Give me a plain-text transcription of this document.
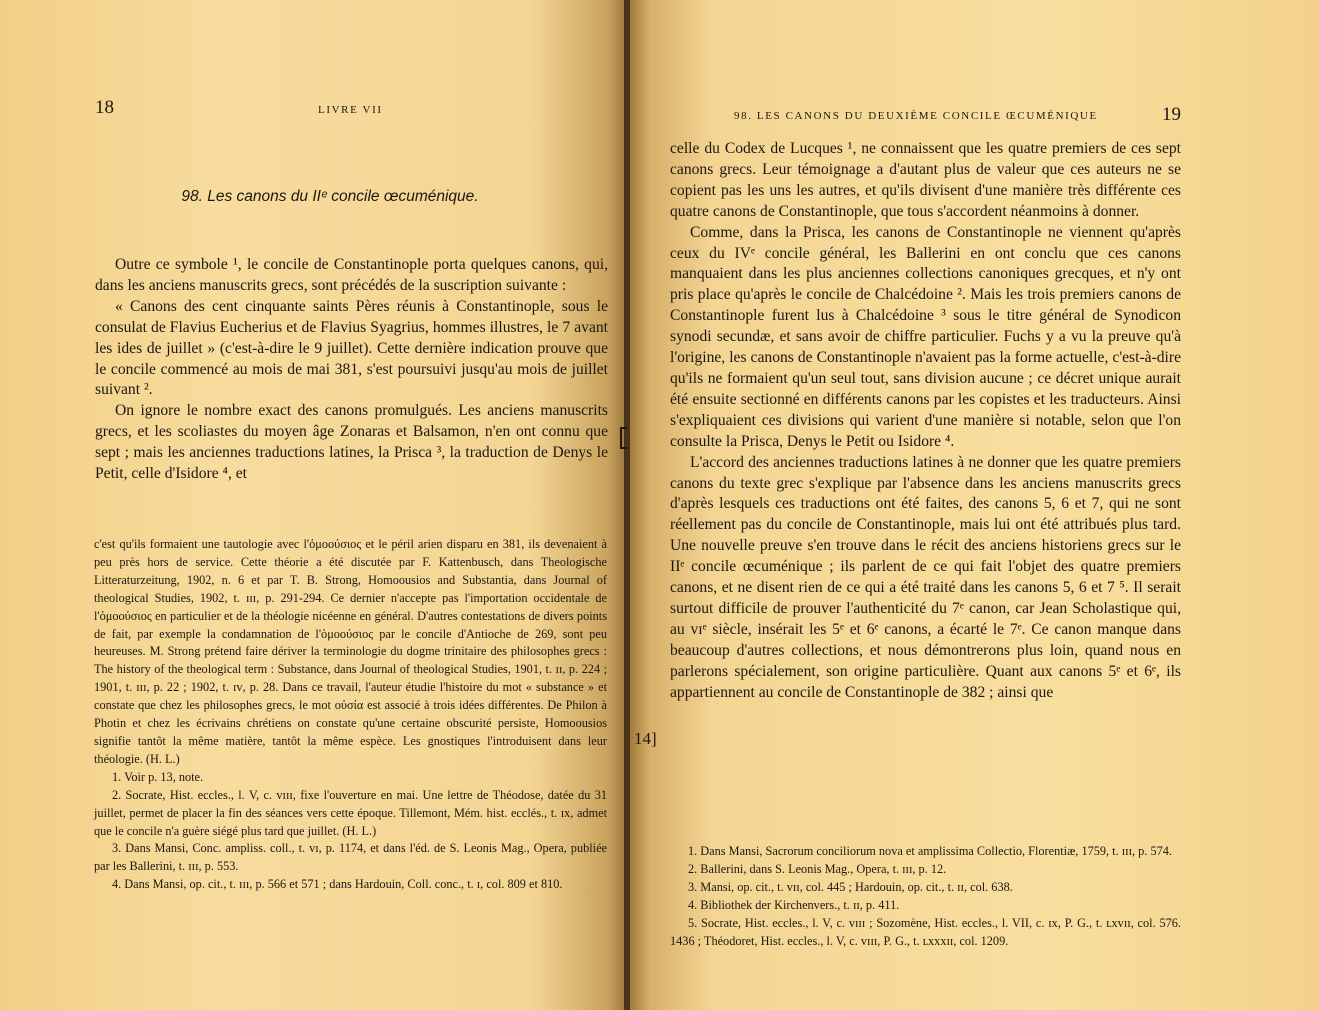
18	LIVRE VII
98. Les canons du IIᵉ concile œcuménique.

Outre ce symbole ¹, le concile de Constantinople porta quelques canons, qui, dans les anciens manuscrits grecs, sont précédés de la suscription suivante :

« Canons des cent cinquante saints Pères réunis à Constantinople, sous le consulat de Flavius Eucherius et de Flavius Syagrius, hommes illustres, le 7 avant les ides de juillet » (c'est-à-dire le 9 juillet). Cette dernière indication prouve que le concile commencé au mois de mai 381, s'est poursuivi jusqu'au mois de juillet suivant ².

On ignore le nombre exact des canons promulgués. Les anciens manuscrits grecs, et les scoliastes du moyen âge Zonaras et Balsamon, n'en ont connu que sept ; mais les anciennes traductions latines, la Prisca ³, la traduction de Denys le Petit, celle d'Isidore ⁴, et

c'est qu'ils formaient une tautologie avec l'ὁμοούσιος et le péril arien disparu en 381, ils devenaient à peu près hors de service. Cette théorie a été discutée par F. Kattenbusch, dans Theologische Litteraturzeitung, 1902, n. 6 et par T. B. Strong, Homoousios and Substantia, dans Journal of theological Studies, 1902, t. ɪɪɪ, p. 291-294. Ce dernier n'accepte pas l'importation occidentale de l'ὁμοούσιος en particulier et de la théologie nicéenne en général. D'autres contestations de divers points de fait, par exemple la condamnation de l'ὁμοούσιος par le concile d'Antioche de 269, sont peu heureuses. M. Strong prétend faire dériver la terminologie du dogme trinitaire des philosophes grecs : The history of the theological term : Substance, dans Journal of theological Studies, 1901, t. ɪɪ, p. 224 ; 1901, t. ɪɪɪ, p. 22 ; 1902, t. ɪᴠ, p. 28. Dans ce travail, l'auteur étudie l'histoire du mot « substance » et constate que chez les philosophes grecs, le mot οὐσία est associé à trois idées différentes. De Philon à Photin et chez les écrivains chrétiens on constate qu'une certaine obscurité persiste, Homoousios signifie tantôt la même matière, tantôt la même espèce. Les gnostiques l'introduisent dans leur théologie. (H. L.)

1. Voir p. 13, note.

2. Socrate, Hist. eccles., l. V, c. ᴠɪɪɪ, fixe l'ouverture en mai. Une lettre de Théodose, datée du 31 juillet, permet de placer la fin des séances vers cette époque. Tillemont, Mém. hist. ecclés., t. ɪx, admet que le concile n'a guère siégé plus tard que juillet. (H. L.)

3. Dans Mansi, Conc. ampliss. coll., t. ᴠɪ, p. 1174, et dans l'éd. de S. Leonis Mag., Opera, publiée par les Ballerini, t. ɪɪɪ, p. 553.

4. Dans Mansi, op. cit., t. ɪɪɪ, p. 566 et 571 ; dans Hardouin, Coll. conc., t. ɪ, col. 809 et 810.

98. LES CANONS DU DEUXIÈME CONCILE ŒCUMÉNIQUE	19
14]

celle du Codex de Lucques ¹, ne connaissent que les quatre premiers de ces sept canons grecs. Leur témoignage a d'autant plus de valeur que ces auteurs ne se copient pas les uns les autres, et qu'ils divisent d'une manière très différente ces quatre canons de Constantinople, que tous s'accordent néanmoins à donner.

Comme, dans la Prisca, les canons de Constantinople ne viennent qu'après ceux du IVᵉ concile général, les Ballerini en ont conclu que ces canons manquaient dans les plus anciennes collections canoniques grecques, et n'y ont pris place qu'après le concile de Chalcédoine ². Mais les trois premiers canons de Constantinople furent lus à Chalcédoine ³ sous le titre général de Synodicon synodi secundæ, et sans avoir de chiffre particulier. Fuchs y a vu la preuve qu'à l'origine, les canons de Constantinople n'avaient pas la forme actuelle, c'est-à-dire qu'ils ne formaient qu'un seul tout, sans division aucune ; ce décret unique aurait été ensuite sectionné en différents canons par les copistes et les traducteurs. Ainsi s'expliquaient ces divisions qui varient d'une manière si notable, selon que l'on consulte la Prisca, Denys le Petit ou Isidore ⁴.

L'accord des anciennes traductions latines à ne donner que les quatre premiers canons du texte grec s'explique par l'absence dans les anciens manuscrits grecs d'après lesquels ces traductions ont été faites, des canons 5, 6 et 7, qui ne sont réellement pas du concile de Constantinople, mais lui ont été attribués plus tard. Une nouvelle preuve s'en trouve dans le récit des anciens historiens grecs sur le IIᵉ concile œcuménique ; ils parlent de ce qui fait l'objet des quatre premiers canons, et ne disent rien de ce qui a été traité dans les canons 5, 6 et 7 ⁵. Il serait surtout difficile de prouver l'authenticité du 7ᵉ canon, car Jean Scholastique qui, au ᴠɪᵉ siècle, insérait les 5ᵉ et 6ᵉ canons, a écarté le 7ᵉ. Ce canon manque dans beaucoup d'autres collections, et nous démontrerons plus loin, quand nous en parlerons spécialement, son origine particulière. Quant aux canons 5ᵉ et 6ᵉ, ils appartiennent au concile de Constantinople de 382 ; ainsi que

1. Dans Mansi, Sacrorum conciliorum nova et amplissima Collectio, Florentiæ, 1759, t. ɪɪɪ, p. 574.

2. Ballerini, dans S. Leonis Mag., Opera, t. ɪɪɪ, p. 12.

3. Mansi, op. cit., t. ᴠɪɪ, col. 445 ; Hardouin, op. cit., t. ɪɪ, col. 638.

4. Bibliothek der Kirchenvers., t. ɪɪ, p. 411.

5. Socrate, Hist. eccles., l. V, c. ᴠɪɪɪ ; Sozomène, Hist. eccles., l. VII, c. ɪx, P. G., t. ʟxᴠɪɪ, col. 576. 1436 ; Théodoret, Hist. eccles., l. V, c. ᴠɪɪɪ, P. G., t. ʟxxxɪɪ, col. 1209.
